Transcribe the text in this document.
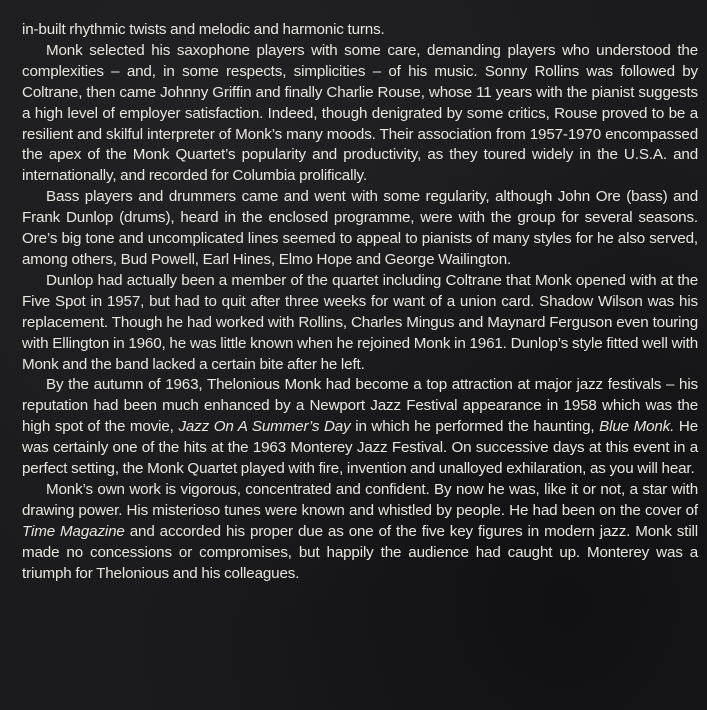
in-built rhythmic twists and melodic and harmonic turns.

Monk selected his saxophone players with some care, demanding players who understood the complexities – and, in some respects, simplicities – of his music. Sonny Rollins was followed by Coltrane, then came Johnny Griffin and finally Charlie Rouse, whose 11 years with the pianist suggests a high level of employer satisfaction. Indeed, though denigrated by some critics, Rouse proved to be a resilient and skilful interpreter of Monk’s many moods. Their association from 1957-1970 encompassed the apex of the Monk Quartet’s popularity and productivity, as they toured widely in the U.S.A. and internationally, and recorded for Columbia prolifically.

Bass players and drummers came and went with some regularity, although John Ore (bass) and Frank Dunlop (drums), heard in the enclosed programme, were with the group for several seasons. Ore’s big tone and uncomplicated lines seemed to appeal to pianists of many styles for he also served, among others, Bud Powell, Earl Hines, Elmo Hope and George Wailington.

Dunlop had actually been a member of the quartet including Coltrane that Monk opened with at the Five Spot in 1957, but had to quit after three weeks for want of a union card. Shadow Wilson was his replacement. Though he had worked with Rollins, Charles Mingus and Maynard Ferguson even touring with Ellington in 1960, he was little known when he rejoined Monk in 1961. Dunlop’s style fitted well with Monk and the band lacked a certain bite after he left.

By the autumn of 1963, Thelonious Monk had become a top attraction at major jazz festivals – his reputation had been much enhanced by a Newport Jazz Festival appearance in 1958 which was the high spot of the movie, Jazz On A Summer’s Day in which he performed the haunting, Blue Monk. He was certainly one of the hits at the 1963 Monterey Jazz Festival. On successive days at this event in a perfect setting, the Monk Quartet played with fire, invention and unalloyed exhilaration, as you will hear.

Monk’s own work is vigorous, concentrated and confident. By now he was, like it or not, a star with drawing power. His misterioso tunes were known and whistled by people. He had been on the cover of Time Magazine and accorded his proper due as one of the five key figures in modern jazz. Monk still made no concessions or compromises, but happily the audience had caught up. Monterey was a triumph for Thelonious and his colleagues.
